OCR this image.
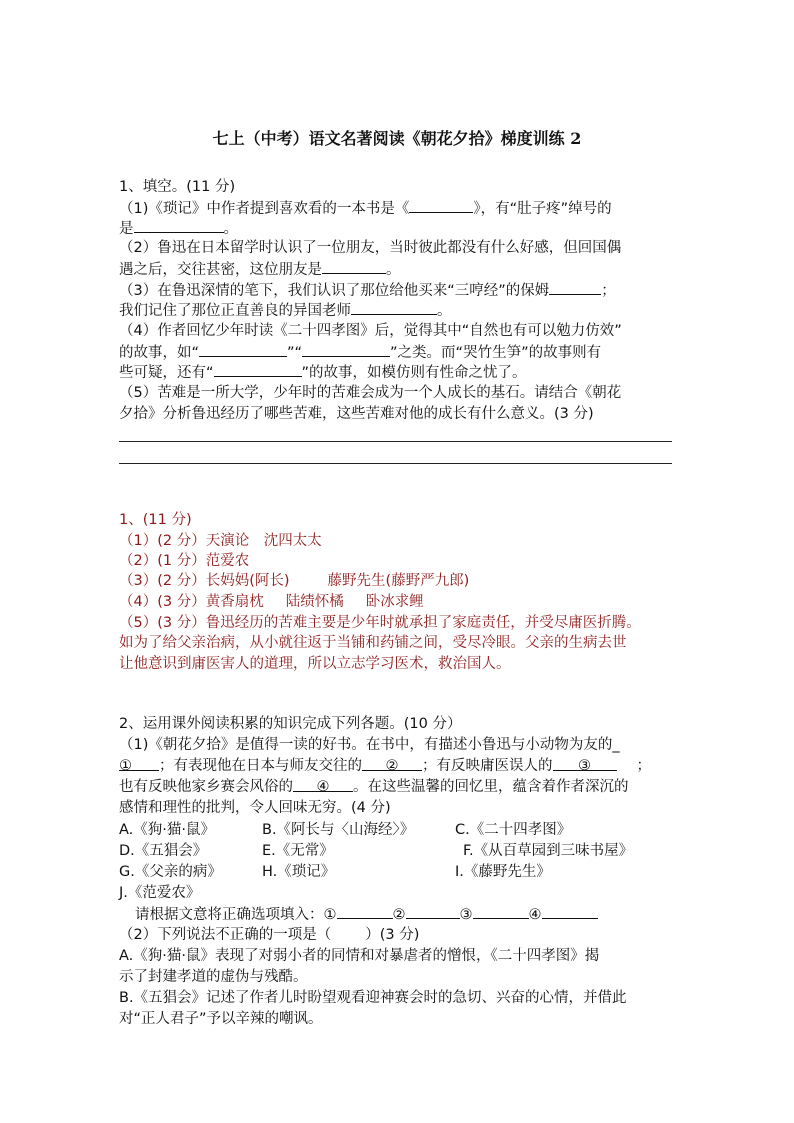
七上（中考）语文名著阅读《朝花夕拾》梯度训练 2
1、填空。(11 分)
（1)《琐记》中作者提到喜欢看的一本书是《	》，有“肚子疼”绰号的
是	。
（2）鲁迅在日本留学时认识了一位朋友，当时彼此都没有什么好感，但回国偶
遇之后，交往甚密，这位朋友是	。
（3）在鲁迅深情的笔下，我们认识了那位给他买来“三哼经”的保姆	；
我们记住了那位正直善良的异国老师	。
（4）作者回忆少年时读《二十四孝图》后，觉得其中“自然也有可以勉力仿效”
的故事，如“	”“	”之类。而“哭竹生笋”的故事则有
些可疑，还有“	”的故事，如模仿则有性命之忧了。
（5）苦难是一所大学，少年时的苦难会成为一个人成长的基石。请结合《朝花
夕拾》分析鲁迅经历了哪些苦难，这些苦难对他的成长有什么意义。(3 分)
1、(11 分)
（1）(2 分）天演论　沈四太太
（2）(1 分）范爱农
（3）(2 分）长妈妈(阿长)	藤野先生(藤野严九郎)
（4）(3 分）黄香扇枕 陆绩怀橘 卧冰求鲤
（5）(3 分）鲁迅经历的苦难主要是少年时就承担了家庭责任，并受尽庸医折腾。
如为了给父亲治病，从小就往返于当铺和药铺之间，受尽冷眼。父亲的生病去世
让他意识到庸医害人的道理，所以立志学习医术，救治国人。
2、运用课外阅读积累的知识完成下列各题。(10 分）
（1)《朝花夕拾》是值得一读的好书。在书中，有描述小鲁迅与小动物为友的_
① ；有表现他在日本与师友交往的 ② ；有反映庸医误人的 ③	；
也有反映他家乡赛会风俗的 ④ 。在这些温馨的回忆里，蕴含着作者深沉的
感情和理性的批判，令人回味无穷。(4 分)
A.《狗·猫·鼠》	B.《阿长与〈山海经〉》	C.《二十四孝图》
D.《五猖会》	E.《无常》	F.《从百草园到三味书屋》
G.《父亲的病》	H.《琐记》	I.《藤野先生》
J.《范爱农》
请根据文意将正确选项填入：①	②	③	④
（2）下列说法不正确的一项是（ ）(3 分)
A.《狗·猫·鼠》表现了对弱小者的同情和对暴虐者的憎恨，《二十四孝图》揭
示了封建孝道的虚伪与残酷。
B.《五猖会》记述了作者儿时盼望观看迎神赛会时的急切、兴奋的心情，并借此
对“正人君子”予以辛辣的嘲讽。
